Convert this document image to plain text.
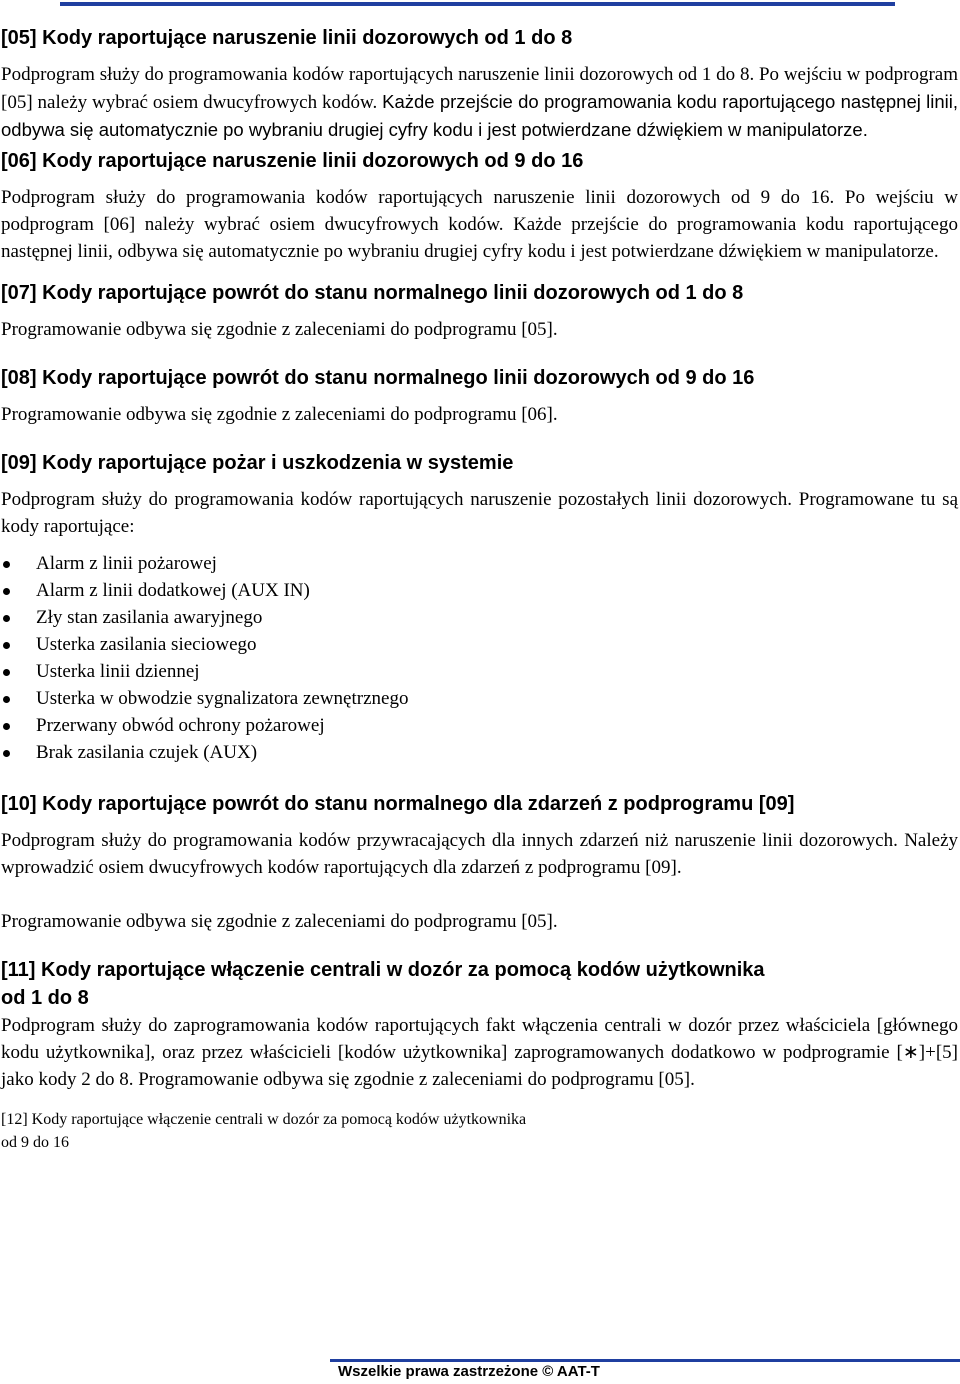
[05] Kody raportujące naruszenie linii dozorowych od 1 do 8

Podprogram służy do programowania kodów raportujących naruszenie linii dozorowych od 1 do 8. Po wejściu w podprogram [05] należy wybrać osiem dwucyfrowych kodów. Każde przejście do programowania kodu raportującego następnej linii, odbywa się automatycznie po wybraniu drugiej cyfry kodu i jest potwierdzane dźwiękiem w manipulatorze.

[06] Kody raportujące naruszenie linii dozorowych od 9 do 16

Podprogram służy do programowania kodów raportujących naruszenie linii dozorowych od 9 do 16. Po wejściu w podprogram [06] należy wybrać osiem dwucyfrowych kodów. Każde przejście do programowania kodu raportującego następnej linii, odbywa się automatycznie po wybraniu drugiej cyfry kodu i jest potwierdzane dźwiękiem w manipulatorze.

[07] Kody raportujące powrót do stanu normalnego linii dozorowych od 1 do 8

Programowanie odbywa się zgodnie z zaleceniami do podprogramu [05].

[08] Kody raportujące powrót do stanu normalnego linii dozorowych od 9 do 16

Programowanie odbywa się zgodnie z zaleceniami do podprogramu [06].

[09] Kody raportujące pożar i uszkodzenia w systemie

Podprogram służy do programowania kodów raportujących naruszenie pozostałych linii dozorowych. Programowane tu są kody raportujące:

Alarm z linii pożarowej
Alarm z linii dodatkowej (AUX IN)
Zły stan zasilania awaryjnego
Usterka zasilania sieciowego
Usterka linii dziennej
Usterka w obwodzie sygnalizatora zewnętrznego
Przerwany obwód ochrony pożarowej
Brak zasilania czujek (AUX)
[10] Kody raportujące powrót do stanu normalnego dla zdarzeń z podprogramu [09]

Podprogram służy do programowania kodów przywracających dla innych zdarzeń niż naruszenie linii dozorowych. Należy wprowadzić osiem dwucyfrowych kodów raportujących dla zdarzeń z podprogramu [09].

Programowanie odbywa się zgodnie z zaleceniami do podprogramu [05].

[11] Kody raportujące włączenie centrali w dozór za pomocą kodów użytkownika
od 1 do 8

Podprogram służy do zaprogramowania kodów raportujących fakt włączenia centrali w dozór przez właściciela [głównego kodu użytkownika], oraz przez właścicieli [kodów użytkownika] zaprogramowanych dodatkowo w podprogramie [∗]+[5] jako kody 2 do 8. Programowanie odbywa się zgodnie z zaleceniami do podprogramu [05].

[12] Kody raportujące włączenie centrali w dozór za pomocą kodów użytkownika

od 9 do 16

Wszelkie prawa zastrzeżone © AAT-T
